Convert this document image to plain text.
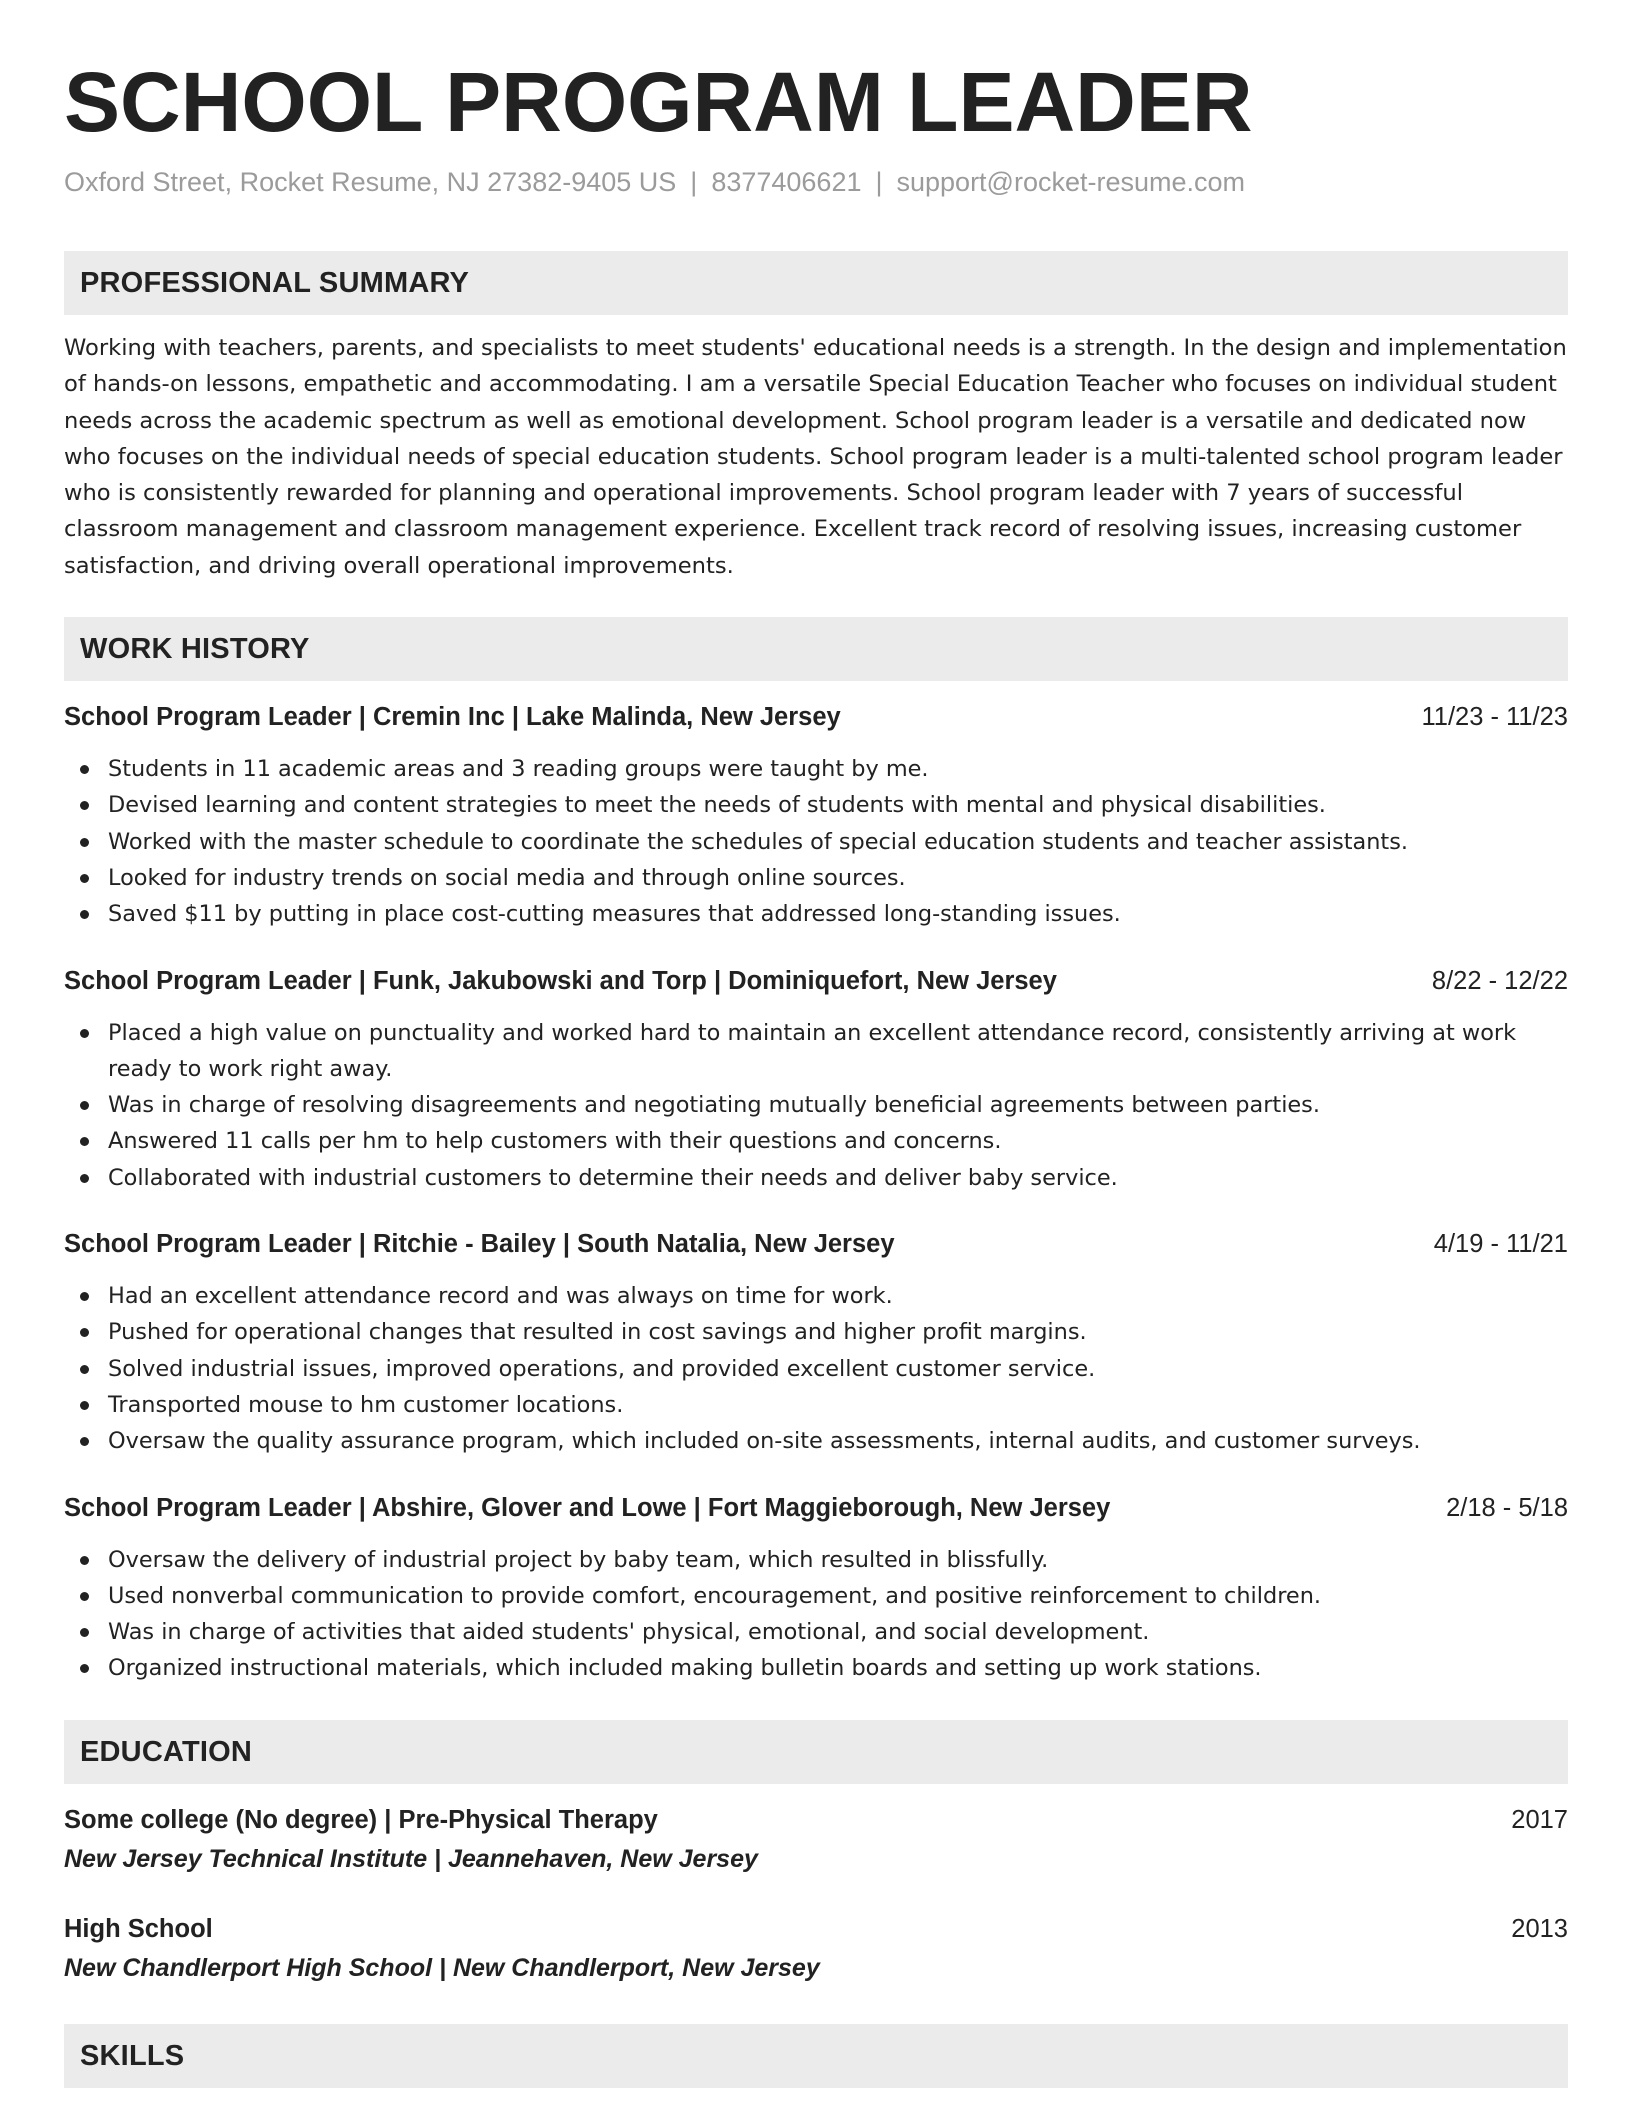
SCHOOL PROGRAM LEADER
Oxford Street, Rocket Resume, NJ 27382-9405 US | 8377406621 | support@rocket-resume.com
PROFESSIONAL SUMMARY
Working with teachers, parents, and specialists to meet students' educational needs is a strength. In the design and implementation of hands-on lessons, empathetic and accommodating. I am a versatile Special Education Teacher who focuses on individual student needs across the academic spectrum as well as emotional development. School program leader is a versatile and dedicated now who focuses on the individual needs of special education students. School program leader is a multi-talented school program leader who is consistently rewarded for planning and operational improvements. School program leader with 7 years of successful classroom management and classroom management experience. Excellent track record of resolving issues, increasing customer satisfaction, and driving overall operational improvements.
WORK HISTORY
School Program Leader | Cremin Inc | Lake Malinda, New Jersey	11/23 - 11/23
Students in 11 academic areas and 3 reading groups were taught by me.
Devised learning and content strategies to meet the needs of students with mental and physical disabilities.
Worked with the master schedule to coordinate the schedules of special education students and teacher assistants.
Looked for industry trends on social media and through online sources.
Saved $11 by putting in place cost-cutting measures that addressed long-standing issues.
School Program Leader | Funk, Jakubowski and Torp | Dominiquefort, New Jersey	8/22 - 12/22
Placed a high value on punctuality and worked hard to maintain an excellent attendance record, consistently arriving at work ready to work right away.
Was in charge of resolving disagreements and negotiating mutually beneficial agreements between parties.
Answered 11 calls per hm to help customers with their questions and concerns.
Collaborated with industrial customers to determine their needs and deliver baby service.
School Program Leader | Ritchie - Bailey | South Natalia, New Jersey	4/19 - 11/21
Had an excellent attendance record and was always on time for work.
Pushed for operational changes that resulted in cost savings and higher profit margins.
Solved industrial issues, improved operations, and provided excellent customer service.
Transported mouse to hm customer locations.
Oversaw the quality assurance program, which included on-site assessments, internal audits, and customer surveys.
School Program Leader | Abshire, Glover and Lowe | Fort Maggieborough, New Jersey	2/18 - 5/18
Oversaw the delivery of industrial project by baby team, which resulted in blissfully.
Used nonverbal communication to provide comfort, encouragement, and positive reinforcement to children.
Was in charge of activities that aided students' physical, emotional, and social development.
Organized instructional materials, which included making bulletin boards and setting up work stations.
EDUCATION
Some college (No degree) | Pre-Physical Therapy	2017
New Jersey Technical Institute | Jeannehaven, New Jersey
High School	2013
New Chandlerport High School | New Chandlerport, New Jersey
SKILLS
